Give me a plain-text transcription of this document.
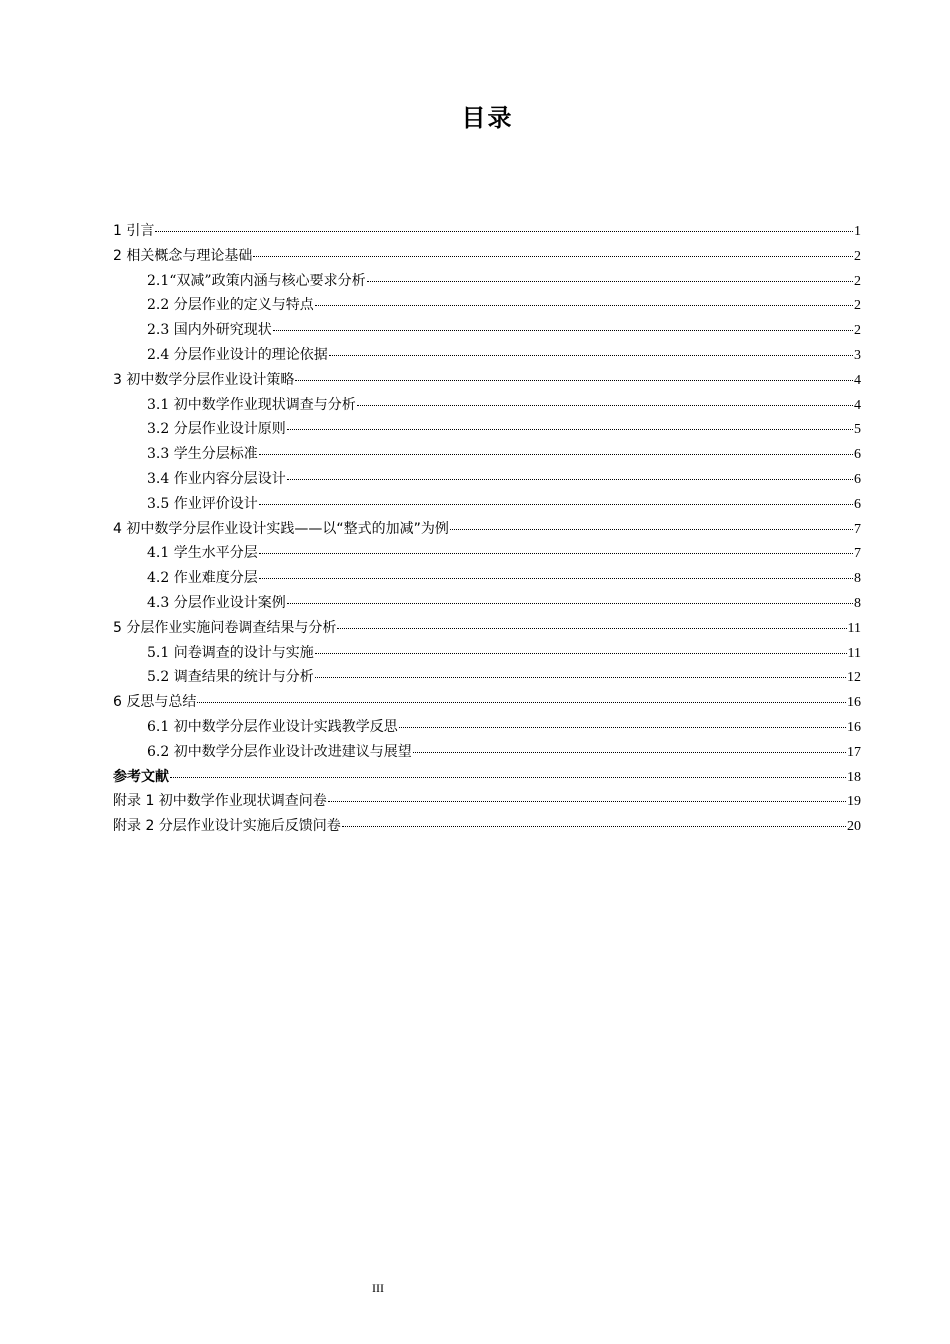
目录
1 引言	1
2 相关概念与理论基础	2
2.1“双减”政策内涵与核心要求分析	2
2.2 分层作业的定义与特点	2
2.3 国内外研究现状	2
2.4 分层作业设计的理论依据	3
3 初中数学分层作业设计策略	4
3.1 初中数学作业现状调查与分析	4
3.2 分层作业设计原则	5
3.3 学生分层标准	6
3.4 作业内容分层设计	6
3.5 作业评价设计	6
4 初中数学分层作业设计实践——以“整式的加减”为例	7
4.1 学生水平分层	7
4.2 作业难度分层	8
4.3 分层作业设计案例	8
5 分层作业实施问卷调查结果与分析	11
5.1 问卷调查的设计与实施	11
5.2 调查结果的统计与分析	12
6 反思与总结	16
6.1 初中数学分层作业设计实践教学反思	16
6.2 初中数学分层作业设计改进建议与展望	17
参考文献	18
附录 1 初中数学作业现状调查问卷	19
附录 2 分层作业设计实施后反馈问卷	20
III
